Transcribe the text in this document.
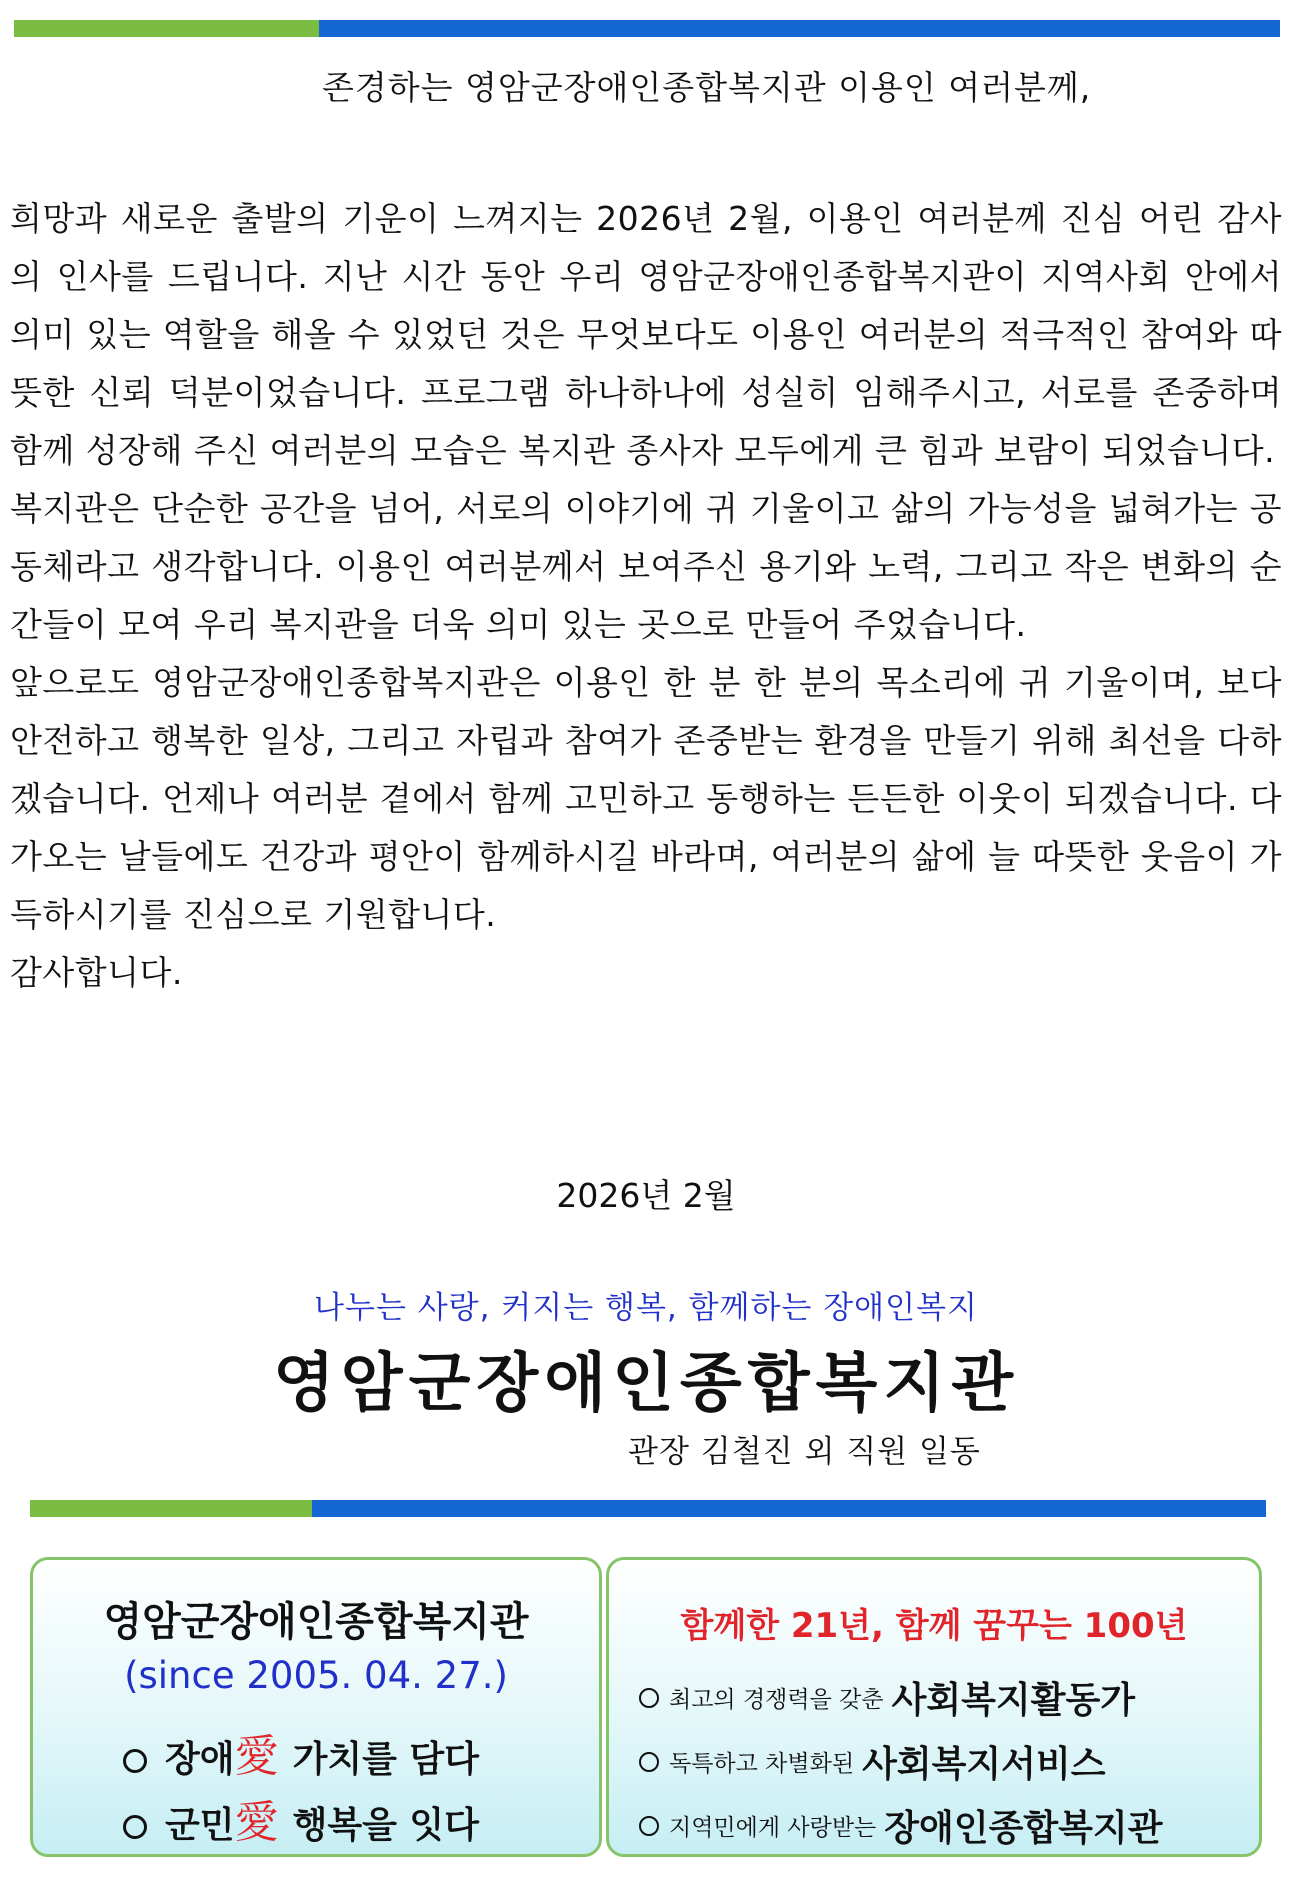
존경하는 영암군장애인종합복지관 이용인 여러분께,

희망과 새로운 출발의 기운이 느껴지는 2026년 2월, 이용인 여러분께 진심 어린 감사의 인사를 드립니다. 지난 시간 동안 우리 영암군장애인종합복지관이 지역사회 안에서 의미 있는 역할을 해올 수 있었던 것은 무엇보다도 이용인 여러분의 적극적인 참여와 따뜻한 신뢰 덕분이었습니다. 프로그램 하나하나에 성실히 임해주시고, 서로를 존중하며 함께 성장해 주신 여러분의 모습은 복지관 종사자 모두에게 큰 힘과 보람이 되었습니다.

복지관은 단순한 공간을 넘어, 서로의 이야기에 귀 기울이고 삶의 가능성을 넓혀가는 공동체라고 생각합니다. 이용인 여러분께서 보여주신 용기와 노력, 그리고 작은 변화의 순간들이 모여 우리 복지관을 더욱 의미 있는 곳으로 만들어 주었습니다.

앞으로도 영암군장애인종합복지관은 이용인 한 분 한 분의 목소리에 귀 기울이며, 보다 안전하고 행복한 일상, 그리고 자립과 참여가 존중받는 환경을 만들기 위해 최선을 다하겠습니다. 언제나 여러분 곁에서 함께 고민하고 동행하는 든든한 이웃이 되겠습니다. 다가오는 날들에도 건강과 평안이 함께하시길 바라며, 여러분의 삶에 늘 따뜻한 웃음이 가득하시기를 진심으로 기원합니다.

감사합니다.

2026년 2월
나누는 사랑, 커지는 행복, 함께하는 장애인복지
영암군장애인종합복지관
관장 김철진 외 직원 일동
영암군장애인종합복지관
(since 2005. 04. 27.)
장애愛 가치를 담다
군민愛 행복을 잇다
함께한 21년, 함께 꿈꾸는 100년
최고의 경쟁력을 갖춘 사회복지활동가
독특하고 차별화된 사회복지서비스
지역민에게 사랑받는 장애인종합복지관
